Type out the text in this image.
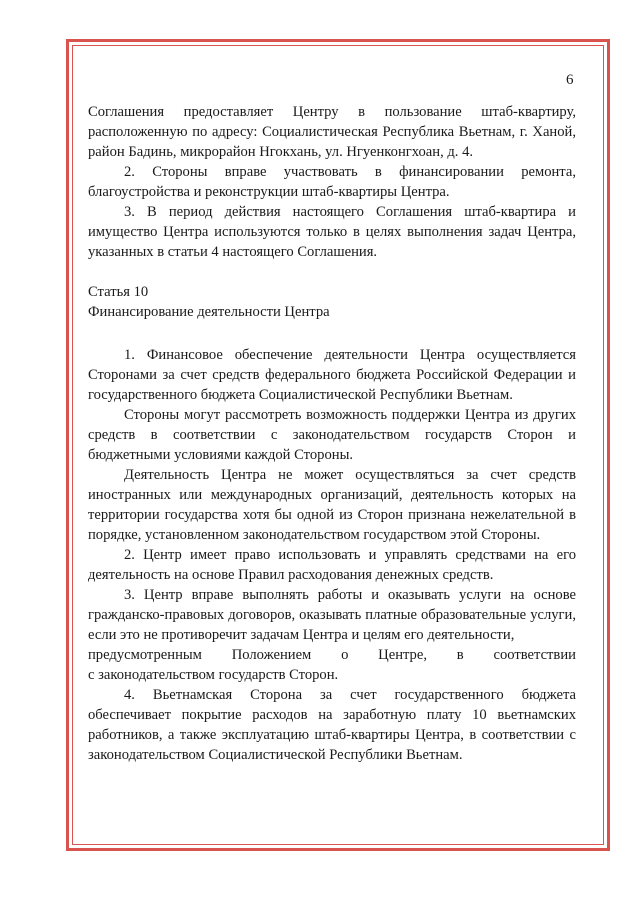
6

Соглашения предоставляет Центру в пользование штаб-квартиру, расположенную по адресу: Социалистическая Республика Вьетнам, г. Ханой, район Бадинь, микрорайон Нгокхань, ул. Нгуенконгхоан, д. 4.

2. Стороны вправе участвовать в финансировании ремонта, благоустройства и реконструкции штаб-квартиры Центра.

3. В период действия настоящего Соглашения штаб-квартира и имущество Центра используются только в целях выполнения задач Центра, указанных в статьи 4 настоящего Соглашения.

Статья 10

Финансирование деятельности Центра

1. Финансовое обеспечение деятельности Центра осуществляется Сторонами за счет средств федерального бюджета Российской Федерации и государственного бюджета Социалистической Республики Вьетнам.

Стороны могут рассмотреть возможность поддержки Центра из других средств в соответствии с законодательством государств Сторон и бюджетными условиями каждой Стороны.

Деятельность Центра не может осуществляться за счет средств иностранных или международных организаций, деятельность которых на территории государства хотя бы одной из Сторон признана нежелательной в порядке, установленном законодательством государством этой Стороны.

2. Центр имеет право использовать и управлять средствами на его деятельность на основе Правил расходования денежных средств.

3. Центр вправе выполнять работы и оказывать услуги на основе гражданско-правовых договоров, оказывать платные образовательные услуги, если это не противоречит задачам Центра и целям его деятельности,

предусмотренным Положением о Центре, в соответствии

с законодательством государств Сторон.

4. Вьетнамская Сторона за счет государственного бюджета обеспечивает покрытие расходов на заработную плату 10 вьетнамских работников, а также эксплуатацию штаб-квартиры Центра, в соответствии с законодательством Социалистической Республики Вьетнам.
